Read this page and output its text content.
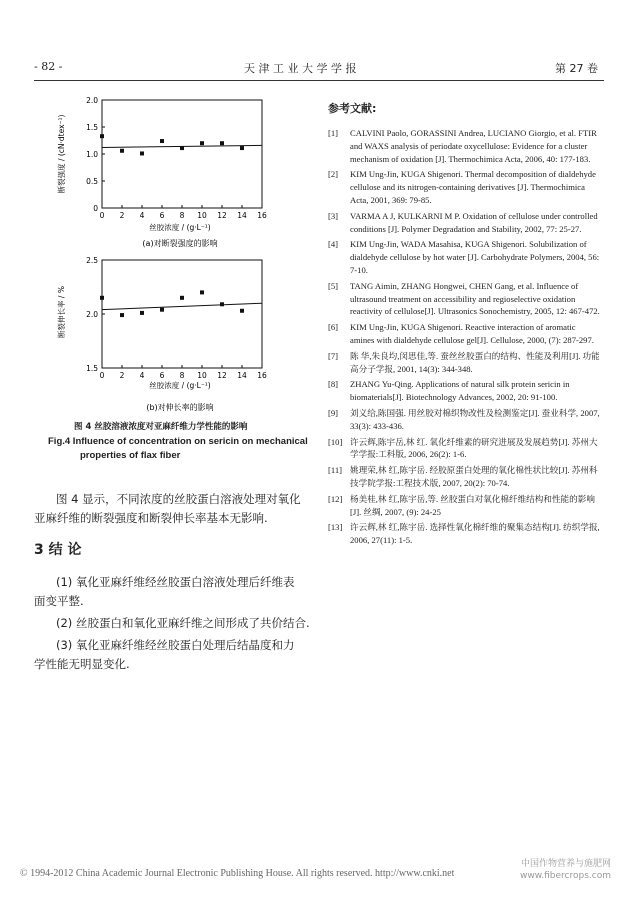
- 82 -	天 津 工 业 大 学 学 报	第 27 卷
断裂强度 / (cN·dtex⁻¹)
丝胶浓度 / (g·L⁻¹)
(a)对断裂强度的影响
0 2 4 6 8 10 12 14 16
0
0.5
1.0
1.5
2.0
断裂伸长率 / %
丝胶浓度 / (g·L⁻¹)
(b)对伸长率的影响
0 2 4 6 8 10 12 14 16
1.5
2.0
2.5
图 4 丝胶溶液浓度对亚麻纤维力学性能的影响
Fig.4 Influence of concentration on sericin on mechanical
properties of flax fiber
图 4 显示，不同浓度的丝胶蛋白溶液处理对氧化
亚麻纤维的断裂强度和断裂伸长率基本无影响.
3 结 论
(1) 氧化亚麻纤维经丝胶蛋白溶液处理后纤维表
面变平整.
(2) 丝胶蛋白和氧化亚麻纤维之间形成了共价结合.
(3) 氧化亚麻纤维经丝胶蛋白处理后结晶度和力
学性能无明显变化.
参考文献:
[1]	CALVINI Paolo, GORASSINI Andrea, LUCIANO Giorgio, et al. FTIR and WAXS analysis of periodate oxycellulose: Evidence for a cluster mechanism of oxidation [J]. Thermochimica Acta, 2006, 40: 177-183.
[2]	KIM Ung-Jin, KUGA Shigenori. Thermal decomposition of dialdehyde cellulose and its nitrogen-containing derivatives [J]. Thermochimica Acta, 2001, 369: 79-85.
[3]	VARMA A J, KULKARNI M P. Oxidation of cellulose under controlled conditions [J]. Polymer Degradation and Stability, 2002, 77: 25-27.
[4]	KIM Ung-Jin, WADA Masahisa, KUGA Shigenori. Solubilization of dialdehyde cellulose by hot water [J]. Carbohydrate Polymers, 2004, 56: 7-10.
[5]	TANG Aimin, ZHANG Hongwei, CHEN Gang, et al. Influence of ultrasound treatment on accessibility and regioselective oxidation reactivity of cellulose[J]. Ultrasonics Sonochemistry, 2005, 12: 467-472.
[6]	KIM Ung-Jin, KUGA Shigenori. Reactive interaction of aromatic amines with dialdehyde cellulose gel[J]. Cellulose, 2000, (7): 287-297.
[7]	陈 华,朱良均,闵思佳,等. 蚕丝丝胶蛋白的结构、性能及利用[J]. 功能高分子学报, 2001, 14(3): 344-348.
[8]	ZHANG Yu-Qing. Applications of natural silk protein sericin in biomaterials[J]. Biotechnology Advances, 2002, 20: 91-100.
[9]	刘义给,陈国强. 用丝胶对棉织物改性及检测鉴定[J]. 蚕业科学, 2007, 33(3): 433-436.
[10] 许云辉,陈宇岳,林 红. 氧化纤维素的研究进展及发展趋势[J]. 苏州大学学报:工科版, 2006, 26(2): 1-6.
[11] 姚理荣,林 红,陈宇岳. 经胶原蛋白处理的氧化棉性状比较[J]. 苏州科技学院学报:工程技术版, 2007, 20(2): 70-74.
[12] 杨美桂,林 红,陈宇岳,等. 丝胶蛋白对氧化棉纤维结构和性能的影响[J]. 丝绸, 2007, (9): 24-25
[13] 许云辉,林 红,陈宇岳. 选择性氧化棉纤维的聚集态结构[J]. 纺织学报, 2006, 27(11): 1-5.
© 1994-2012 China Academic Journal Electronic Publishing House. All rights reserved. http://www.cnki.net
中国作物营养与施肥网
www.fibercrops.com
